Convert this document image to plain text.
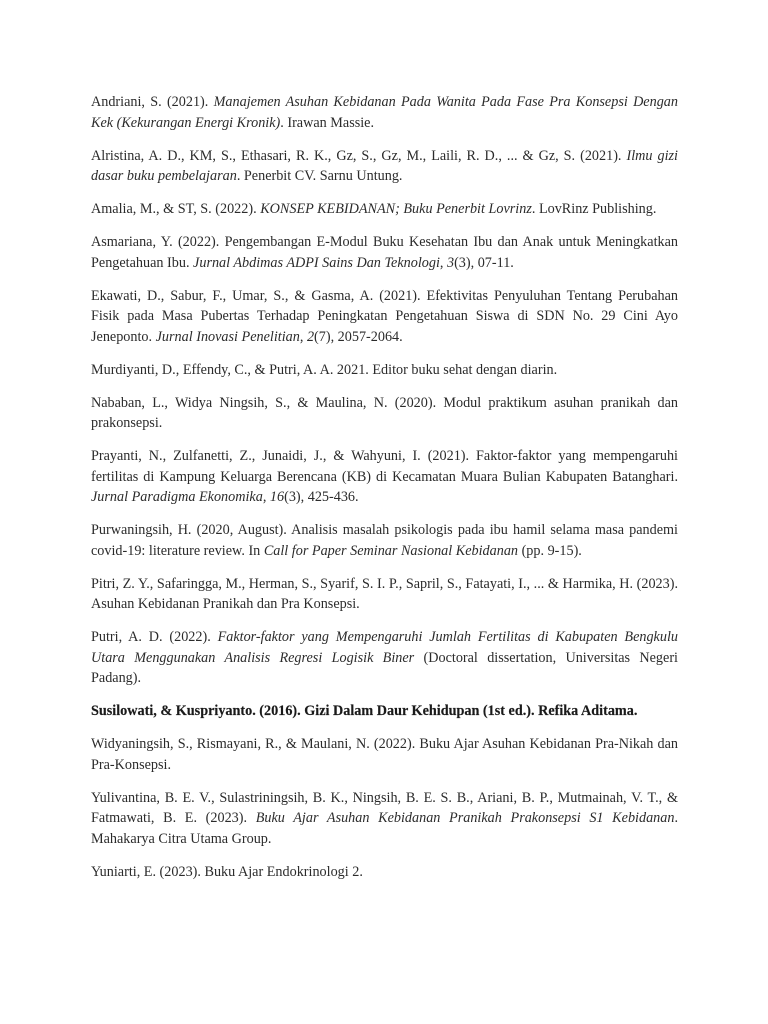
Andriani, S. (2021). Manajemen Asuhan Kebidanan Pada Wanita Pada Fase Pra Konsepsi Dengan Kek (Kekurangan Energi Kronik). Irawan Massie.

Alristina, A. D., KM, S., Ethasari, R. K., Gz, S., Gz, M., Laili, R. D., ... & Gz, S. (2021). Ilmu gizi dasar buku pembelajaran. Penerbit CV. Sarnu Untung.

Amalia, M., & ST, S. (2022). KONSEP KEBIDANAN; Buku Penerbit Lovrinz. LovRinz Publishing.

Asmariana, Y. (2022). Pengembangan E-Modul Buku Kesehatan Ibu dan Anak untuk Meningkatkan Pengetahuan Ibu. Jurnal Abdimas ADPI Sains Dan Teknologi, 3(3), 07-11.

Ekawati, D., Sabur, F., Umar, S., & Gasma, A. (2021). Efektivitas Penyuluhan Tentang Perubahan Fisik pada Masa Pubertas Terhadap Peningkatan Pengetahuan Siswa di SDN No. 29 Cini Ayo Jeneponto. Jurnal Inovasi Penelitian, 2(7), 2057-2064.

Murdiyanti, D., Effendy, C., & Putri, A. A. 2021. Editor buku sehat dengan diarin.

Nababan, L., Widya Ningsih, S., & Maulina, N. (2020). Modul praktikum asuhan pranikah dan prakonsepsi.

Prayanti, N., Zulfanetti, Z., Junaidi, J., & Wahyuni, I. (2021). Faktor-faktor yang mempengaruhi fertilitas di Kampung Keluarga Berencana (KB) di Kecamatan Muara Bulian Kabupaten Batanghari. Jurnal Paradigma Ekonomika, 16(3), 425-436.

Purwaningsih, H. (2020, August). Analisis masalah psikologis pada ibu hamil selama masa pandemi covid-19: literature review. In Call for Paper Seminar Nasional Kebidanan (pp. 9-15).

Pitri, Z. Y., Safaringga, M., Herman, S., Syarif, S. I. P., Sapril, S., Fatayati, I., ... & Harmika, H. (2023). Asuhan Kebidanan Pranikah dan Pra Konsepsi.

Putri, A. D. (2022). Faktor-faktor yang Mempengaruhi Jumlah Fertilitas di Kabupaten Bengkulu Utara Menggunakan Analisis Regresi Logisik Biner (Doctoral dissertation, Universitas Negeri Padang).

Susilowati, & Kuspriyanto. (2016). Gizi Dalam Daur Kehidupan (1st ed.). Refika Aditama.

Widyaningsih, S., Rismayani, R., & Maulani, N. (2022). Buku Ajar Asuhan Kebidanan Pra-Nikah dan Pra-Konsepsi.

Yulivantina, B. E. V., Sulastriningsih, B. K., Ningsih, B. E. S. B., Ariani, B. P., Mutmainah, V. T., & Fatmawati, B. E. (2023). Buku Ajar Asuhan Kebidanan Pranikah Prakonsepsi S1 Kebidanan. Mahakarya Citra Utama Group.

Yuniarti, E. (2023). Buku Ajar Endokrinologi 2.
